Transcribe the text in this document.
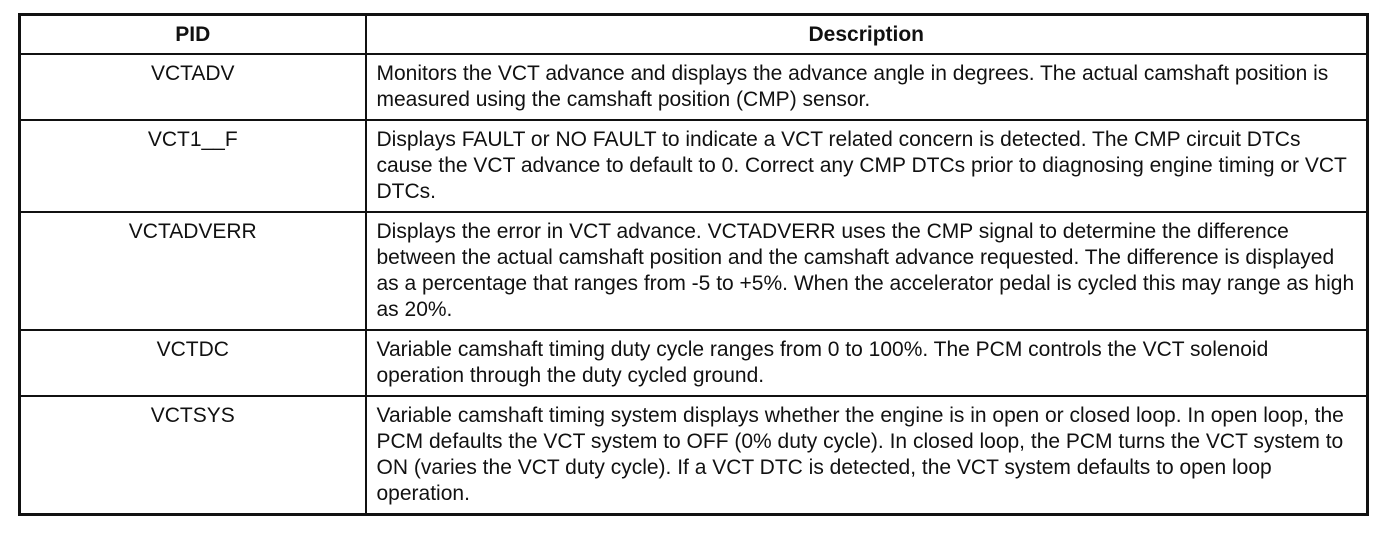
PID	Description
VCTADV	Monitors the VCT advance and displays the advance angle in degrees. The actual camshaft position is measured using the camshaft position (CMP) sensor.
VCT1__F	Displays FAULT or NO FAULT to indicate a VCT related concern is detected. The CMP circuit DTCs cause the VCT advance to default to 0. Correct any CMP DTCs prior to diagnosing engine timing or VCT DTCs.
VCTADVERR	Displays the error in VCT advance. VCTADVERR uses the CMP signal to determine the difference between the actual camshaft position and the camshaft advance requested. The difference is displayed as a percentage that ranges from -5 to +5%. When the accelerator pedal is cycled this may range as high as 20%.
VCTDC	Variable camshaft timing duty cycle ranges from 0 to 100%. The PCM controls the VCT solenoid operation through the duty cycled ground.
VCTSYS	Variable camshaft timing system displays whether the engine is in open or closed loop. In open loop, the PCM defaults the VCT system to OFF (0% duty cycle). In closed loop, the PCM turns the VCT system to ON (varies the VCT duty cycle). If a VCT DTC is detected, the VCT system defaults to open loop operation.
